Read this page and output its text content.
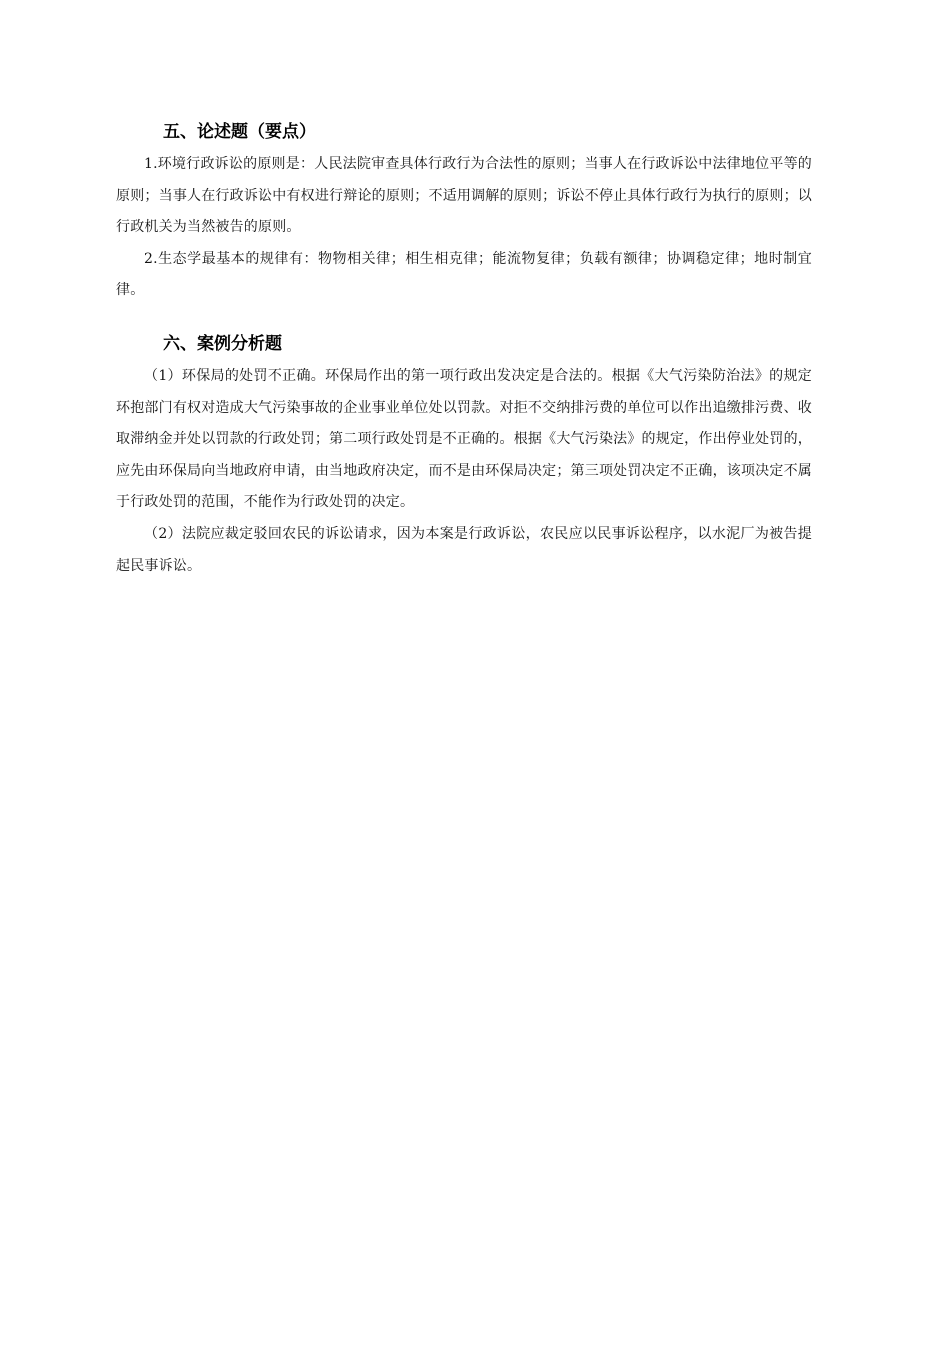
五、论述题（要点）

1.环境行政诉讼的原则是：人民法院审查具体行政行为合法性的原则；当事人在行政诉讼中法律地位平等的原则；当事人在行政诉讼中有权进行辩论的原则；不适用调解的原则；诉讼不停止具体行政行为执行的原则；以行政机关为当然被告的原则。

2.生态学最基本的规律有：物物相关律；相生相克律；能流物复律；负载有额律；协调稳定律；地时制宜律。

六、案例分析题

（1）环保局的处罚不正确。环保局作出的第一项行政出发决定是合法的。根据《大气污染防治法》的规定环抱部门有权对造成大气污染事故的企业事业单位处以罚款。对拒不交纳排污费的单位可以作出追缴排污费、收取滞纳金并处以罚款的行政处罚；第二项行政处罚是不正确的。根据《大气污染法》的规定，作出停业处罚的，应先由环保局向当地政府申请，由当地政府决定，而不是由环保局决定；第三项处罚决定不正确，该项决定不属于行政处罚的范围，不能作为行政处罚的决定。

（2）法院应裁定驳回农民的诉讼请求，因为本案是行政诉讼，农民应以民事诉讼程序，以水泥厂为被告提起民事诉讼。
